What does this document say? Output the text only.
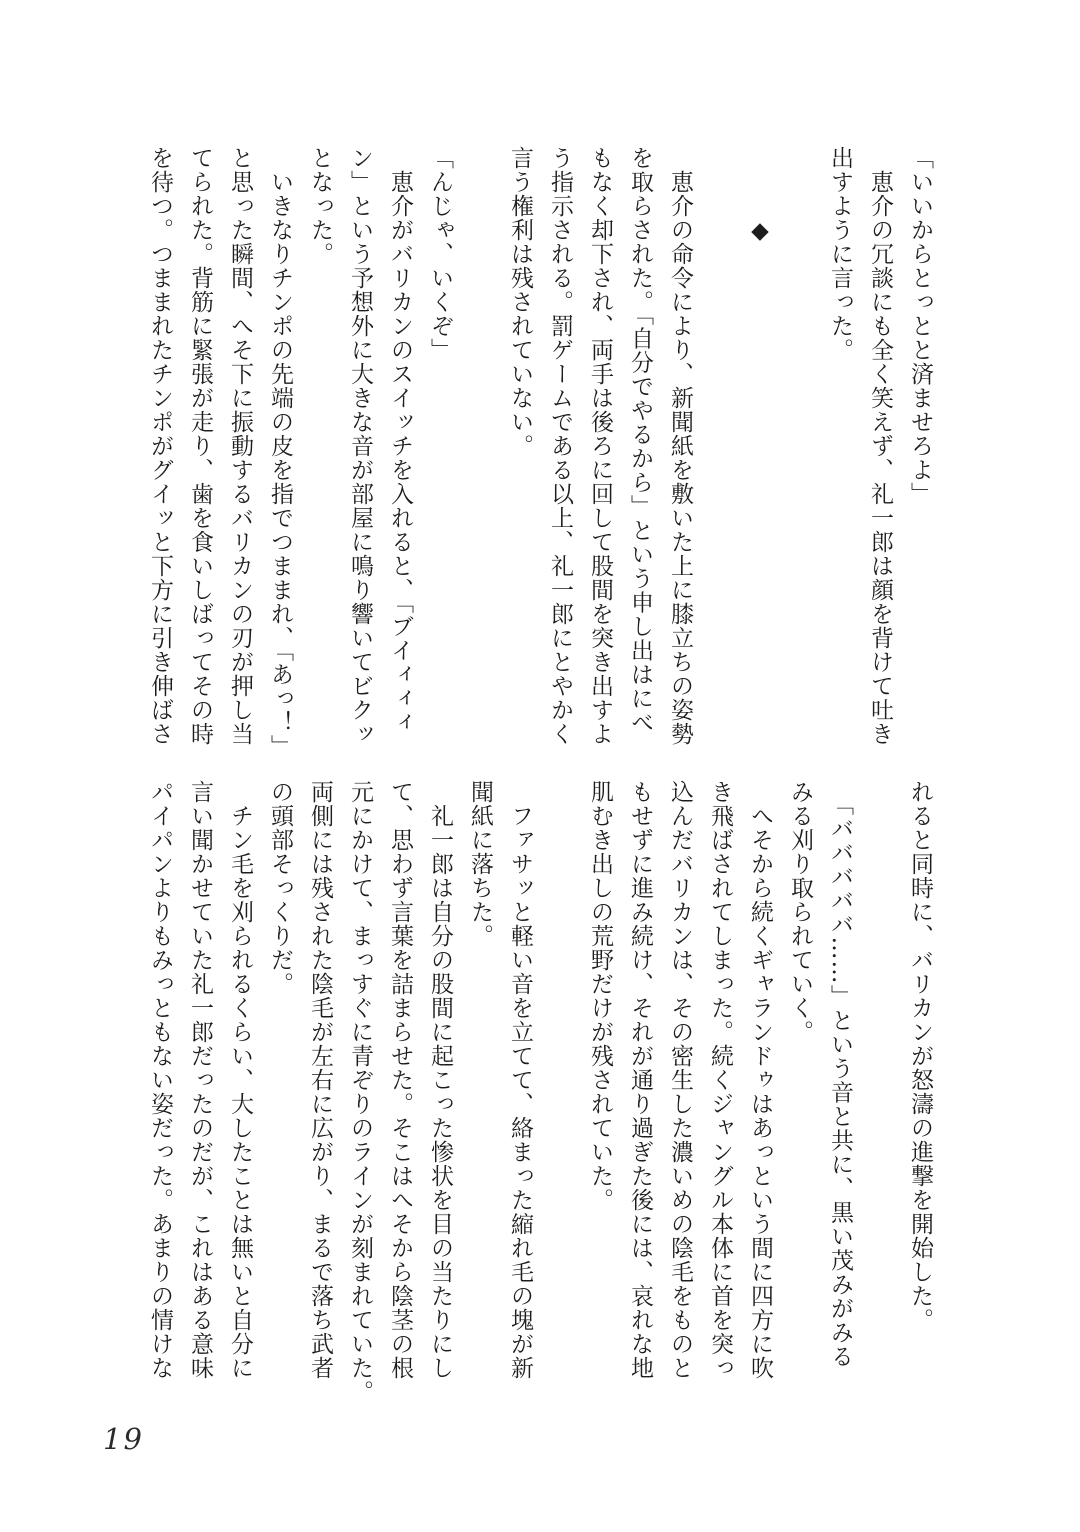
「いいからとっとと済ませろよ」
　恵介の冗談にも全く笑えず、礼一郎は顔を背けて吐き
出すように言った。

　　　◆

　恵介の命令により、新聞紙を敷いた上に膝立ちの姿勢
を取らされた。「自分でやるから」という申し出はにべ
もなく却下され、両手は後ろに回して股間を突き出すよ
う指示される。罰ゲームである以上、礼一郎にとやかく
言う権利は残されていない。

「んじゃ、いくぞ」
　恵介がバリカンのスイッチを入れると、「ブイィィィ
ン」という予想外に大きな音が部屋に鳴り響いてビクッ
となった。
　いきなりチンポの先端の皮を指でつままれ、「あっ！」
と思った瞬間、へそ下に振動するバリカンの刃が押し当
てられた。背筋に緊張が走り、歯を食いしばってその時
を待つ。つままれたチンポがグイッと下方に引き伸ばさ
れると同時に、バリカンが怒濤の進撃を開始した。

　「バババババ……」という音と共に、黒い茂みがみる
みる刈り取られていく。
　へそから続くギャランドゥはあっという間に四方に吹
き飛ばされてしまった。続くジャングル本体に首を突っ
込んだバリカンは、その密生した濃いめの陰毛をものと
もせずに進み続け、それが通り過ぎた後には、哀れな地
肌むき出しの荒野だけが残されていた。

　ファサッと軽い音を立てて、絡まった縮れ毛の塊が新
聞紙に落ちた。
　礼一郎は自分の股間に起こった惨状を目の当たりにし
て、思わず言葉を詰まらせた。そこはへそから陰茎の根
元にかけて、まっすぐに青ぞりのラインが刻まれていた。
両側には残された陰毛が左右に広がり、まるで落ち武者
の頭部そっくりだ。
　チン毛を刈られるくらい、大したことは無いと自分に
言い聞かせていた礼一郎だったのだが、これはある意味
パイパンよりもみっともない姿だった。あまりの情けな
19
